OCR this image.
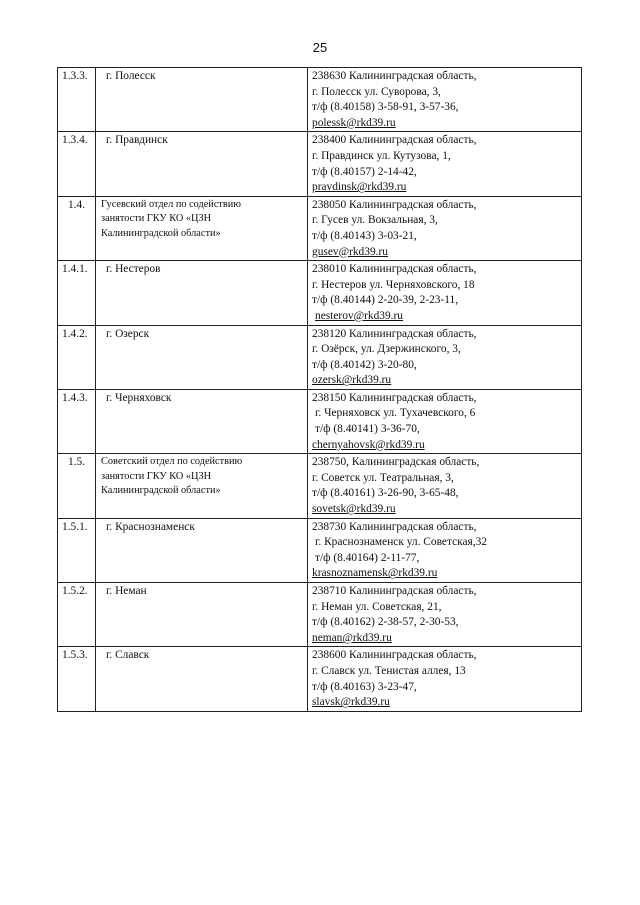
25
1.3.3.	г. Полесск	238630 Калининградская область,
г. Полесск ул. Суворова, 3,
т/ф (8.40158) 3-58-91, 3-57-36,
polessk@rkd39.ru

1.3.4.	г. Правдинск	238400 Калининградская область,
г. Правдинск ул. Кутузова, 1,
т/ф (8.40157) 2-14-42,
pravdinsk@rkd39.ru

1.4.	Гусевский отдел по содействию
занятости ГКУ КО «ЦЗН
Калининградской области»	238050 Калининградская область,
г. Гусев ул. Вокзальная, 3,
т/ф (8.40143) 3-03-21,
gusev@rkd39.ru

1.4.1.	г. Нестеров	238010 Калининградская область,
г. Нестеров ул. Черняховского, 18
т/ф (8.40144) 2-20-39, 2-23-11,
nesterov@rkd39.ru

1.4.2.	г. Озерск	238120 Калининградская область,
г. Озёрск, ул. Дзержинского, 3,
т/ф (8.40142) 3-20-80,
ozersk@rkd39.ru

1.4.3.	г. Черняховск	238150 Калининградская область,
г. Черняховск ул. Тухачевского, 6
т/ф (8.40141) 3-36-70,
chernyahovsk@rkd39.ru

1.5.	Советский отдел по содействию
занятости ГКУ КО «ЦЗН
Калининградской области»	238750, Калининградская область,
г. Советск ул. Театральная, 3,
т/ф (8.40161) 3-26-90, 3-65-48,
sovetsk@rkd39.ru

1.5.1.	г. Краснознаменск	238730 Калининградская область,
г. Краснознаменск ул. Советская,32
т/ф (8.40164) 2-11-77,
krasnoznamensk@rkd39.ru

1.5.2.	г. Неман	238710 Калининградская область,
г. Неман ул. Советская, 21,
т/ф (8.40162) 2-38-57, 2-30-53,
neman@rkd39.ru

1.5.3.	г. Славск	238600 Калининградская область,
г. Славск ул. Тенистая аллея, 13
т/ф (8.40163) 3-23-47,
slavsk@rkd39.ru
